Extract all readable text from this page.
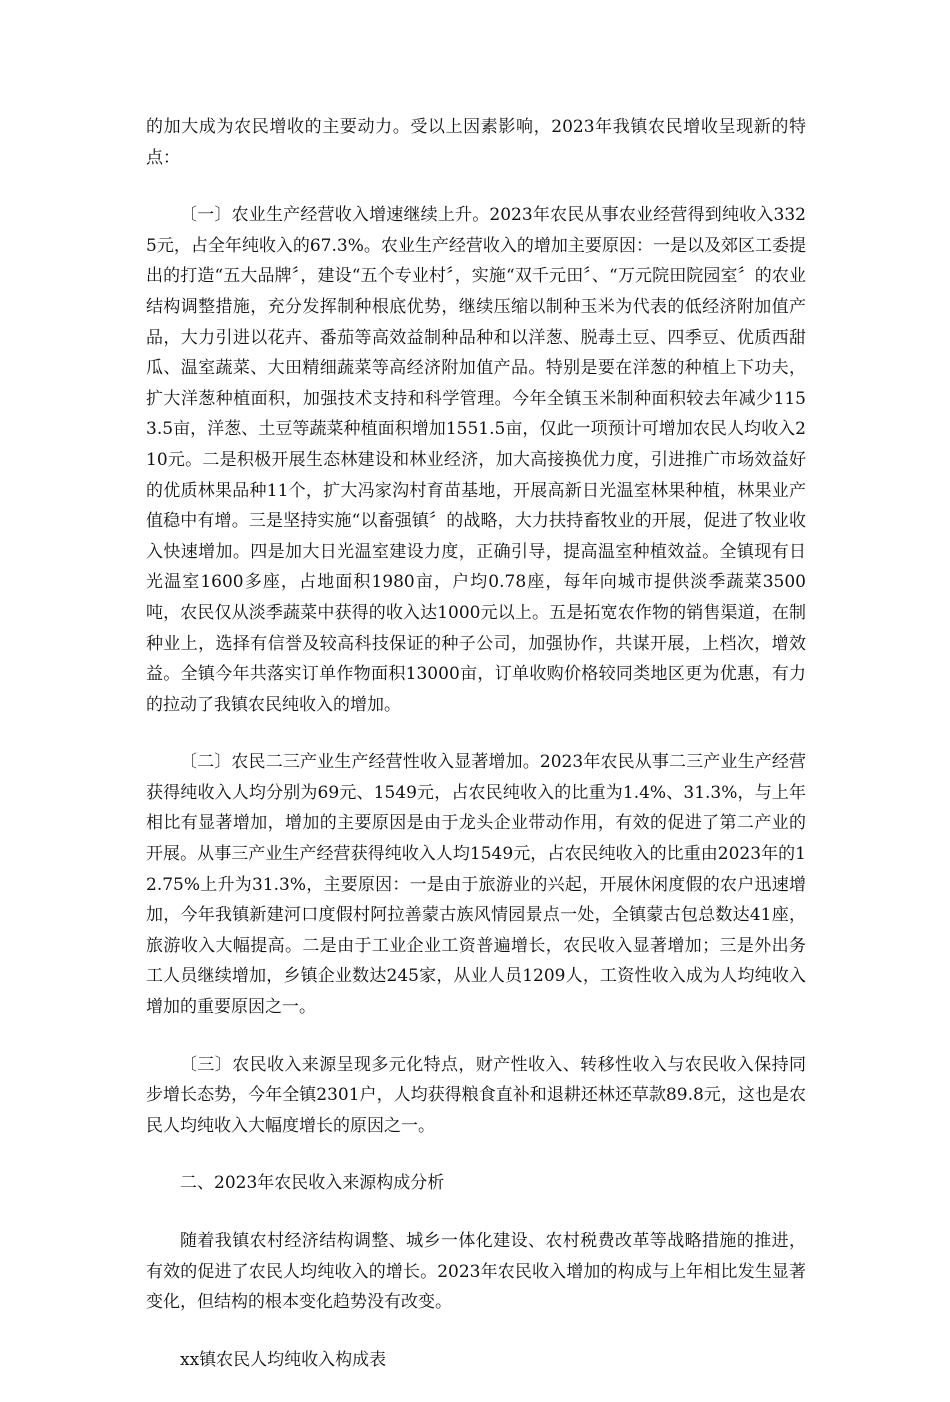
的加大成为农民增收的主要动力。受以上因素影响，2023年我镇农民增收呈现新的特点：

〔一〕农业生产经营收入增速继续上升。2023年农民从事农业经营得到纯收入3325元，占全年纯收入的67.3%。农业生产经营收入的增加主要原因：一是以及郊区工委提出的打造“五大品牌〞，建设“五个专业村〞，实施“双千元田〞、“万元院田院园室〞的农业结构调整措施，充分发挥制种根底优势，继续压缩以制种玉米为代表的低经济附加值产品，大力引进以花卉、番茄等高效益制种品种和以洋葱、脱毒土豆、四季豆、优质西甜瓜、温室蔬菜、大田精细蔬菜等高经济附加值产品。特别是要在洋葱的种植上下功夫，扩大洋葱种植面积，加强技术支持和科学管理。今年全镇玉米制种面积较去年减少1153.5亩，洋葱、土豆等蔬菜种植面积增加1551.5亩，仅此一项预计可增加农民人均收入210元。二是积极开展生态林建设和林业经济，加大高接换优力度，引进推广市场效益好的优质林果品种11个，扩大冯家沟村育苗基地，开展高新日光温室林果种植，林果业产值稳中有增。三是坚持实施“以畜强镇〞的战略，大力扶持畜牧业的开展，促进了牧业收入快速增加。四是加大日光温室建设力度，正确引导，提高温室种植效益。全镇现有日光温室1600多座，占地面积1980亩，户均0.78座，每年向城市提供淡季蔬菜3500吨，农民仅从淡季蔬菜中获得的收入达1000元以上。五是拓宽农作物的销售渠道，在制种业上，选择有信誉及较高科技保证的种子公司，加强协作，共谋开展，上档次，增效益。全镇今年共落实订单作物面积13000亩，订单收购价格较同类地区更为优惠，有力的拉动了我镇农民纯收入的增加。

〔二〕农民二三产业生产经营性收入显著增加。2023年农民从事二三产业生产经营获得纯收入人均分别为69元、1549元，占农民纯收入的比重为1.4%、31.3%，与上年相比有显著增加，增加的主要原因是由于龙头企业带动作用，有效的促进了第二产业的开展。从事三产业生产经营获得纯收入人均1549元，占农民纯收入的比重由2023年的12.75%上升为31.3%，主要原因：一是由于旅游业的兴起，开展休闲度假的农户迅速增加，今年我镇新建河口度假村阿拉善蒙古族风情园景点一处，全镇蒙古包总数达41座，旅游收入大幅提高。二是由于工业企业工资普遍增长，农民收入显著增加；三是外出务工人员继续增加，乡镇企业数达245家，从业人员1209人，工资性收入成为人均纯收入增加的重要原因之一。

〔三〕农民收入来源呈现多元化特点，财产性收入、转移性收入与农民收入保持同步增长态势，今年全镇2301户，人均获得粮食直补和退耕还林还草款89.8元，这也是农民人均纯收入大幅度增长的原因之一。

二、2023年农民收入来源构成分析

随着我镇农村经济结构调整、城乡一体化建设、农村税费改革等战略措施的推进，有效的促进了农民人均纯收入的增长。2023年农民收入增加的构成与上年相比发生显著变化，但结构的根本变化趋势没有改变。

xx镇农民人均纯收入构成表
